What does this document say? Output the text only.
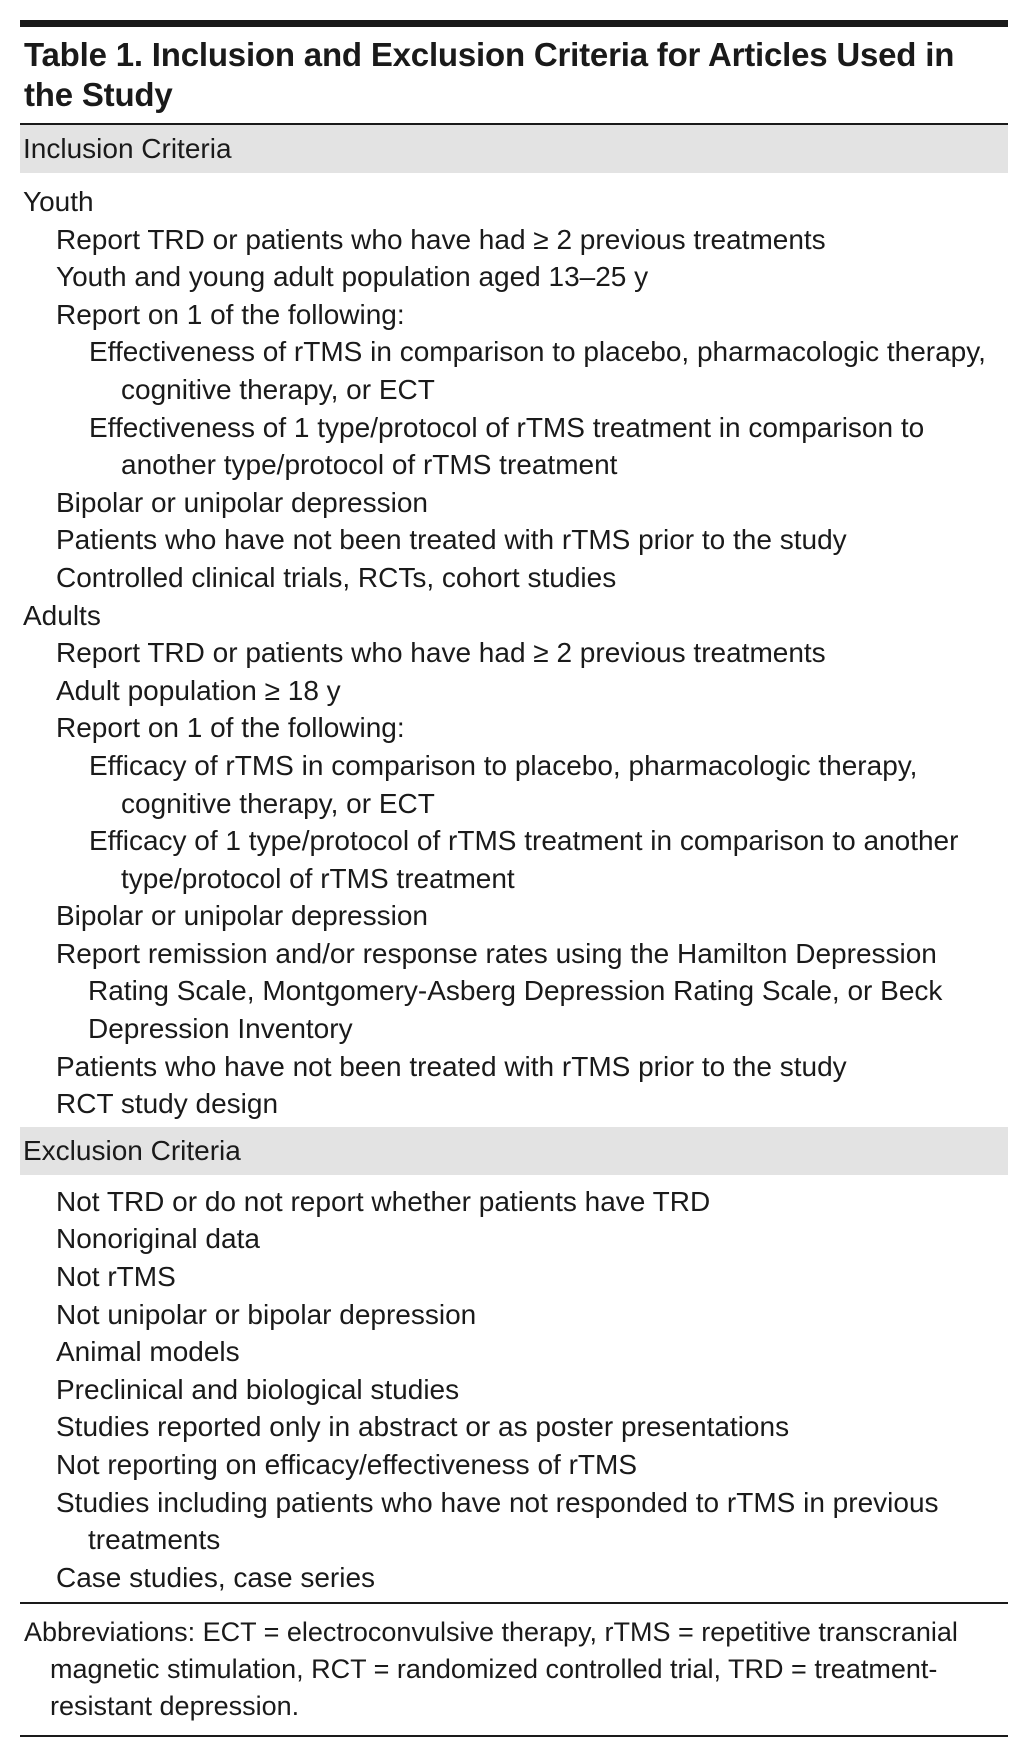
Table 1. Inclusion and Exclusion Criteria for Articles Used in the Study
Inclusion Criteria
Youth
Report TRD or patients who have had ≥ 2 previous treatments
Youth and young adult population aged 13–25 y
Report on 1 of the following:
Effectiveness of rTMS in comparison to placebo, pharmacologic therapy, cognitive therapy, or ECT
Effectiveness of 1 type/protocol of rTMS treatment in comparison to another type/protocol of rTMS treatment
Bipolar or unipolar depression
Patients who have not been treated with rTMS prior to the study
Controlled clinical trials, RCTs, cohort studies
Adults
Report TRD or patients who have had ≥ 2 previous treatments
Adult population ≥ 18 y
Report on 1 of the following:
Efficacy of rTMS in comparison to placebo, pharmacologic therapy, cognitive therapy, or ECT
Efficacy of 1 type/protocol of rTMS treatment in comparison to another type/protocol of rTMS treatment
Bipolar or unipolar depression
Report remission and/or response rates using the Hamilton Depression Rating Scale, Montgomery-Asberg Depression Rating Scale, or Beck Depression Inventory
Patients who have not been treated with rTMS prior to the study
RCT study design
Exclusion Criteria
Not TRD or do not report whether patients have TRD
Nonoriginal data
Not rTMS
Not unipolar or bipolar depression
Animal models
Preclinical and biological studies
Studies reported only in abstract or as poster presentations
Not reporting on efficacy/effectiveness of rTMS
Studies including patients who have not responded to rTMS in previous treatments
Case studies, case series
Abbreviations: ECT = electroconvulsive therapy, rTMS = repetitive transcranial magnetic stimulation, RCT = randomized controlled trial, TRD = treatment-resistant depression.
